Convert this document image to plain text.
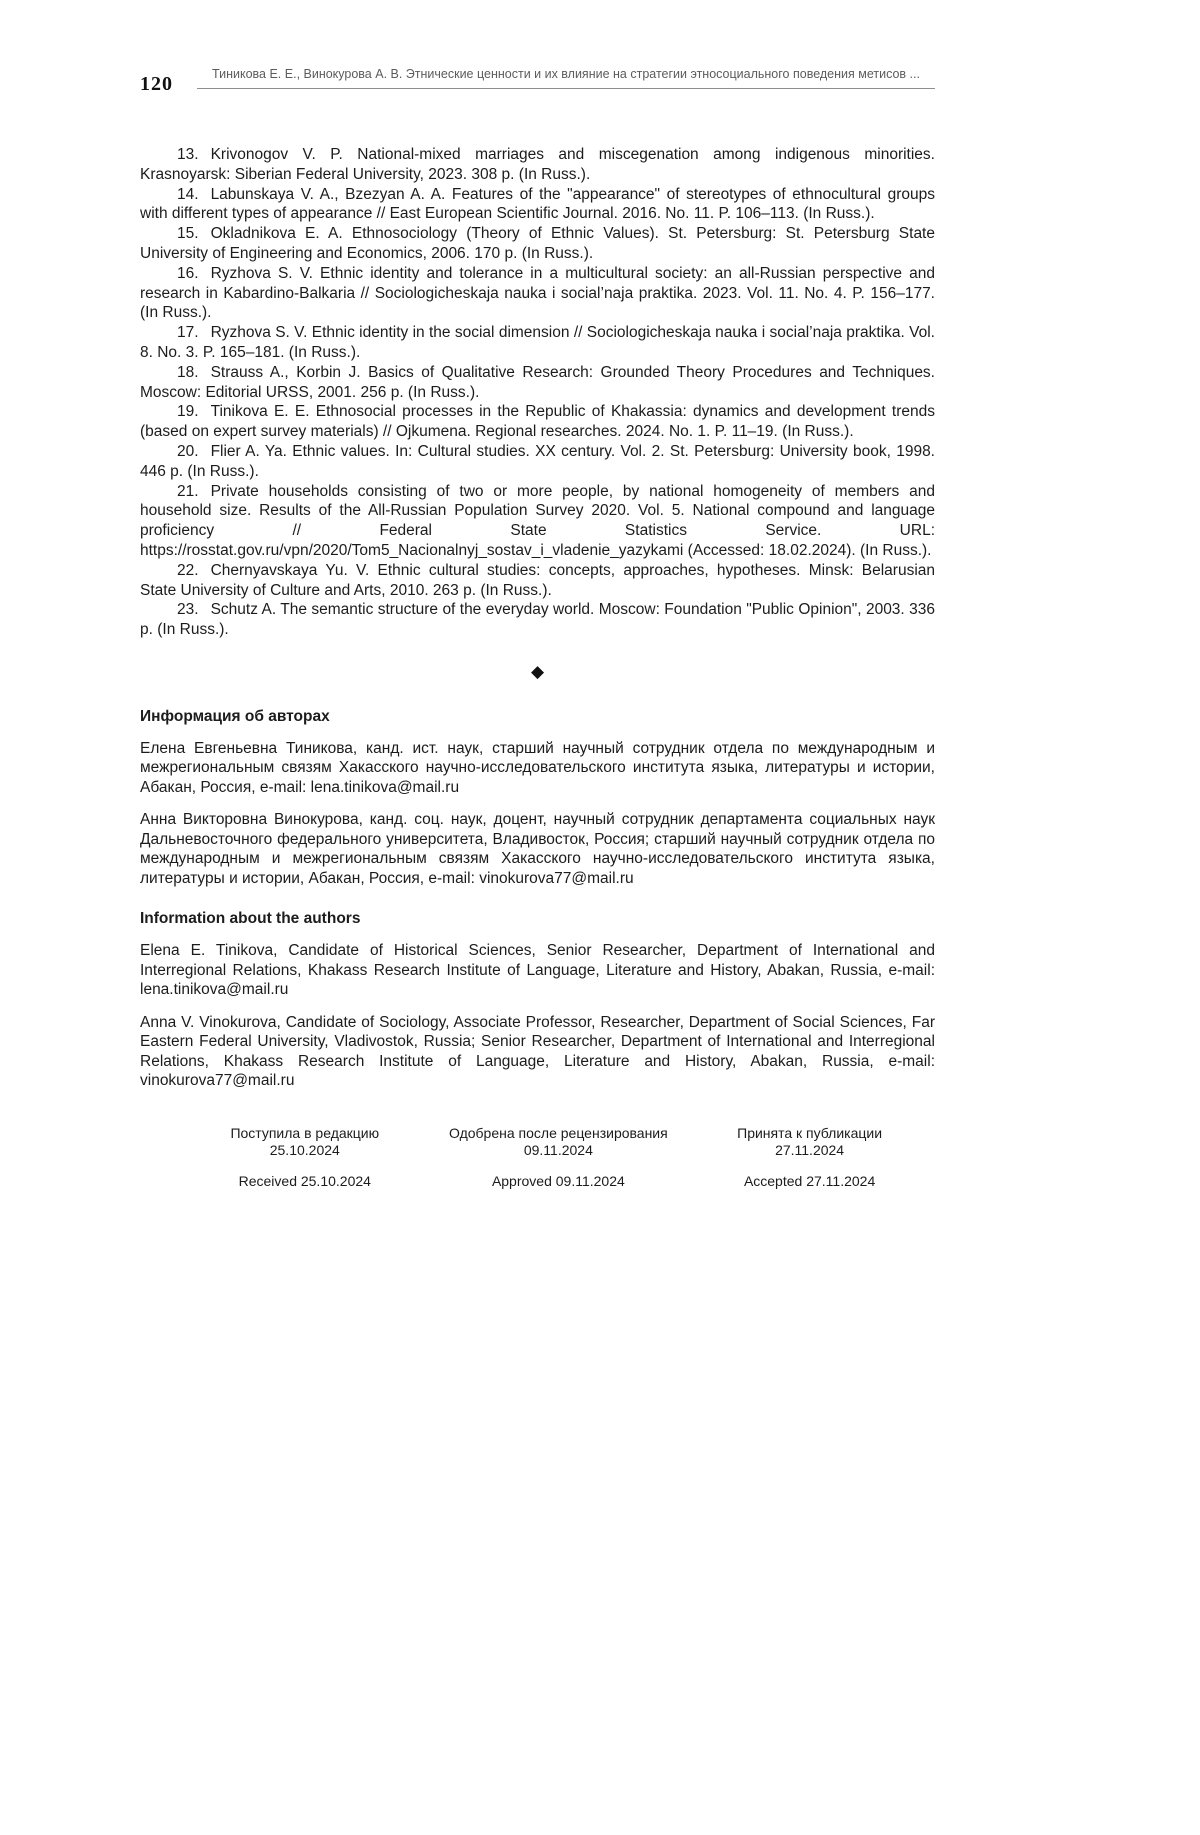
120	Тиникова Е. Е., Винокурова А. В. Этнические ценности и их влияние на стратегии этносоциального поведения метисов ...

13. Krivonogov V. P. National-mixed marriages and miscegenation among indigenous minorities. Krasnoyarsk: Siberian Federal University, 2023. 308 p. (In Russ.).

14. Labunskaya V. A., Bzezyan A. A. Features of the "appearance" of stereotypes of ethnocultural groups with different types of appearance // East European Scientific Journal. 2016. No. 11. P. 106–113. (In Russ.).

15. Okladnikova E. A. Ethnosociology (Theory of Ethnic Values). St. Petersburg: St. Petersburg State University of Engineering and Economics, 2006. 170 p. (In Russ.).

16. Ryzhova S. V. Ethnic identity and tolerance in a multicultural society: an all-Russian perspective and research in Kabardino-Balkaria // Sociologicheskaja nauka i social’naja praktika. 2023. Vol. 11. No. 4. P. 156–177. (In Russ.).

17. Ryzhova S. V. Ethnic identity in the social dimension // Sociologicheskaja nauka i social’naja praktika. Vol. 8. No. 3. P. 165–181. (In Russ.).

18. Strauss A., Korbin J. Basics of Qualitative Research: Grounded Theory Procedures and Techniques. Moscow: Editorial URSS, 2001. 256 p. (In Russ.).

19. Tinikova E. E. Ethnosocial processes in the Republic of Khakassia: dynamics and development trends (based on expert survey materials) // Ojkumena. Regional researches. 2024. No. 1. P. 11–19. (In Russ.).

20. Flier A. Ya. Ethnic values. In: Cultural studies. XX century. Vol. 2. St. Petersburg: University book, 1998. 446 p. (In Russ.).

21. Private households consisting of two or more people, by national homogeneity of members and household size. Results of the All-Russian Population Survey 2020. Vol. 5. National compound and language proficiency // Federal State Statistics Service. URL: https://rosstat.gov.ru/vpn/2020/Tom5_Nacionalnyj_sostav_i_vladenie_yazykami (Accessed: 18.02.2024). (In Russ.).

22. Chernyavskaya Yu. V. Ethnic cultural studies: concepts, approaches, hypotheses. Minsk: Belarusian State University of Culture and Arts, 2010. 263 p. (In Russ.).

23. Schutz A. The semantic structure of the everyday world. Moscow: Foundation "Public Opinion", 2003. 336 p. (In Russ.).

◆
Информация об авторах

Елена Евгеньевна Тиникова, канд. ист. наук, старший научный сотрудник отдела по международным и межрегиональным связям Хакасского научно-исследовательского института языка, литературы и истории, Абакан, Россия, e-mail: lena.tinikova@mail.ru

Анна Викторовна Винокурова, канд. соц. наук, доцент, научный сотрудник департамента социальных наук Дальневосточного федерального университета, Владивосток, Россия; старший научный сотрудник отдела по международным и межрегиональным связям Хакасского научно-исследовательского института языка, литературы и истории, Абакан, Россия, e-mail: vinokurova77@mail.ru

Information about the authors

Elena E. Tinikova, Candidate of Historical Sciences, Senior Researcher, Department of International and Interregional Relations, Khakass Research Institute of Language, Literature and History, Abakan, Russia, e-mail: lena.tinikova@mail.ru

Anna V. Vinokurova, Candidate of Sociology, Associate Professor, Researcher, Department of Social Sciences, Far Eastern Federal University, Vladivostok, Russia; Senior Researcher, Department of International and Interregional Relations, Khakass Research Institute of Language, Literature and History, Abakan, Russia, e-mail: vinokurova77@mail.ru

Поступила в редакцию 25.10.2024
Received 25.10.2024
Одобрена после рецензирования 09.11.2024
Approved 09.11.2024
Принята к публикации 27.11.2024
Accepted 27.11.2024
